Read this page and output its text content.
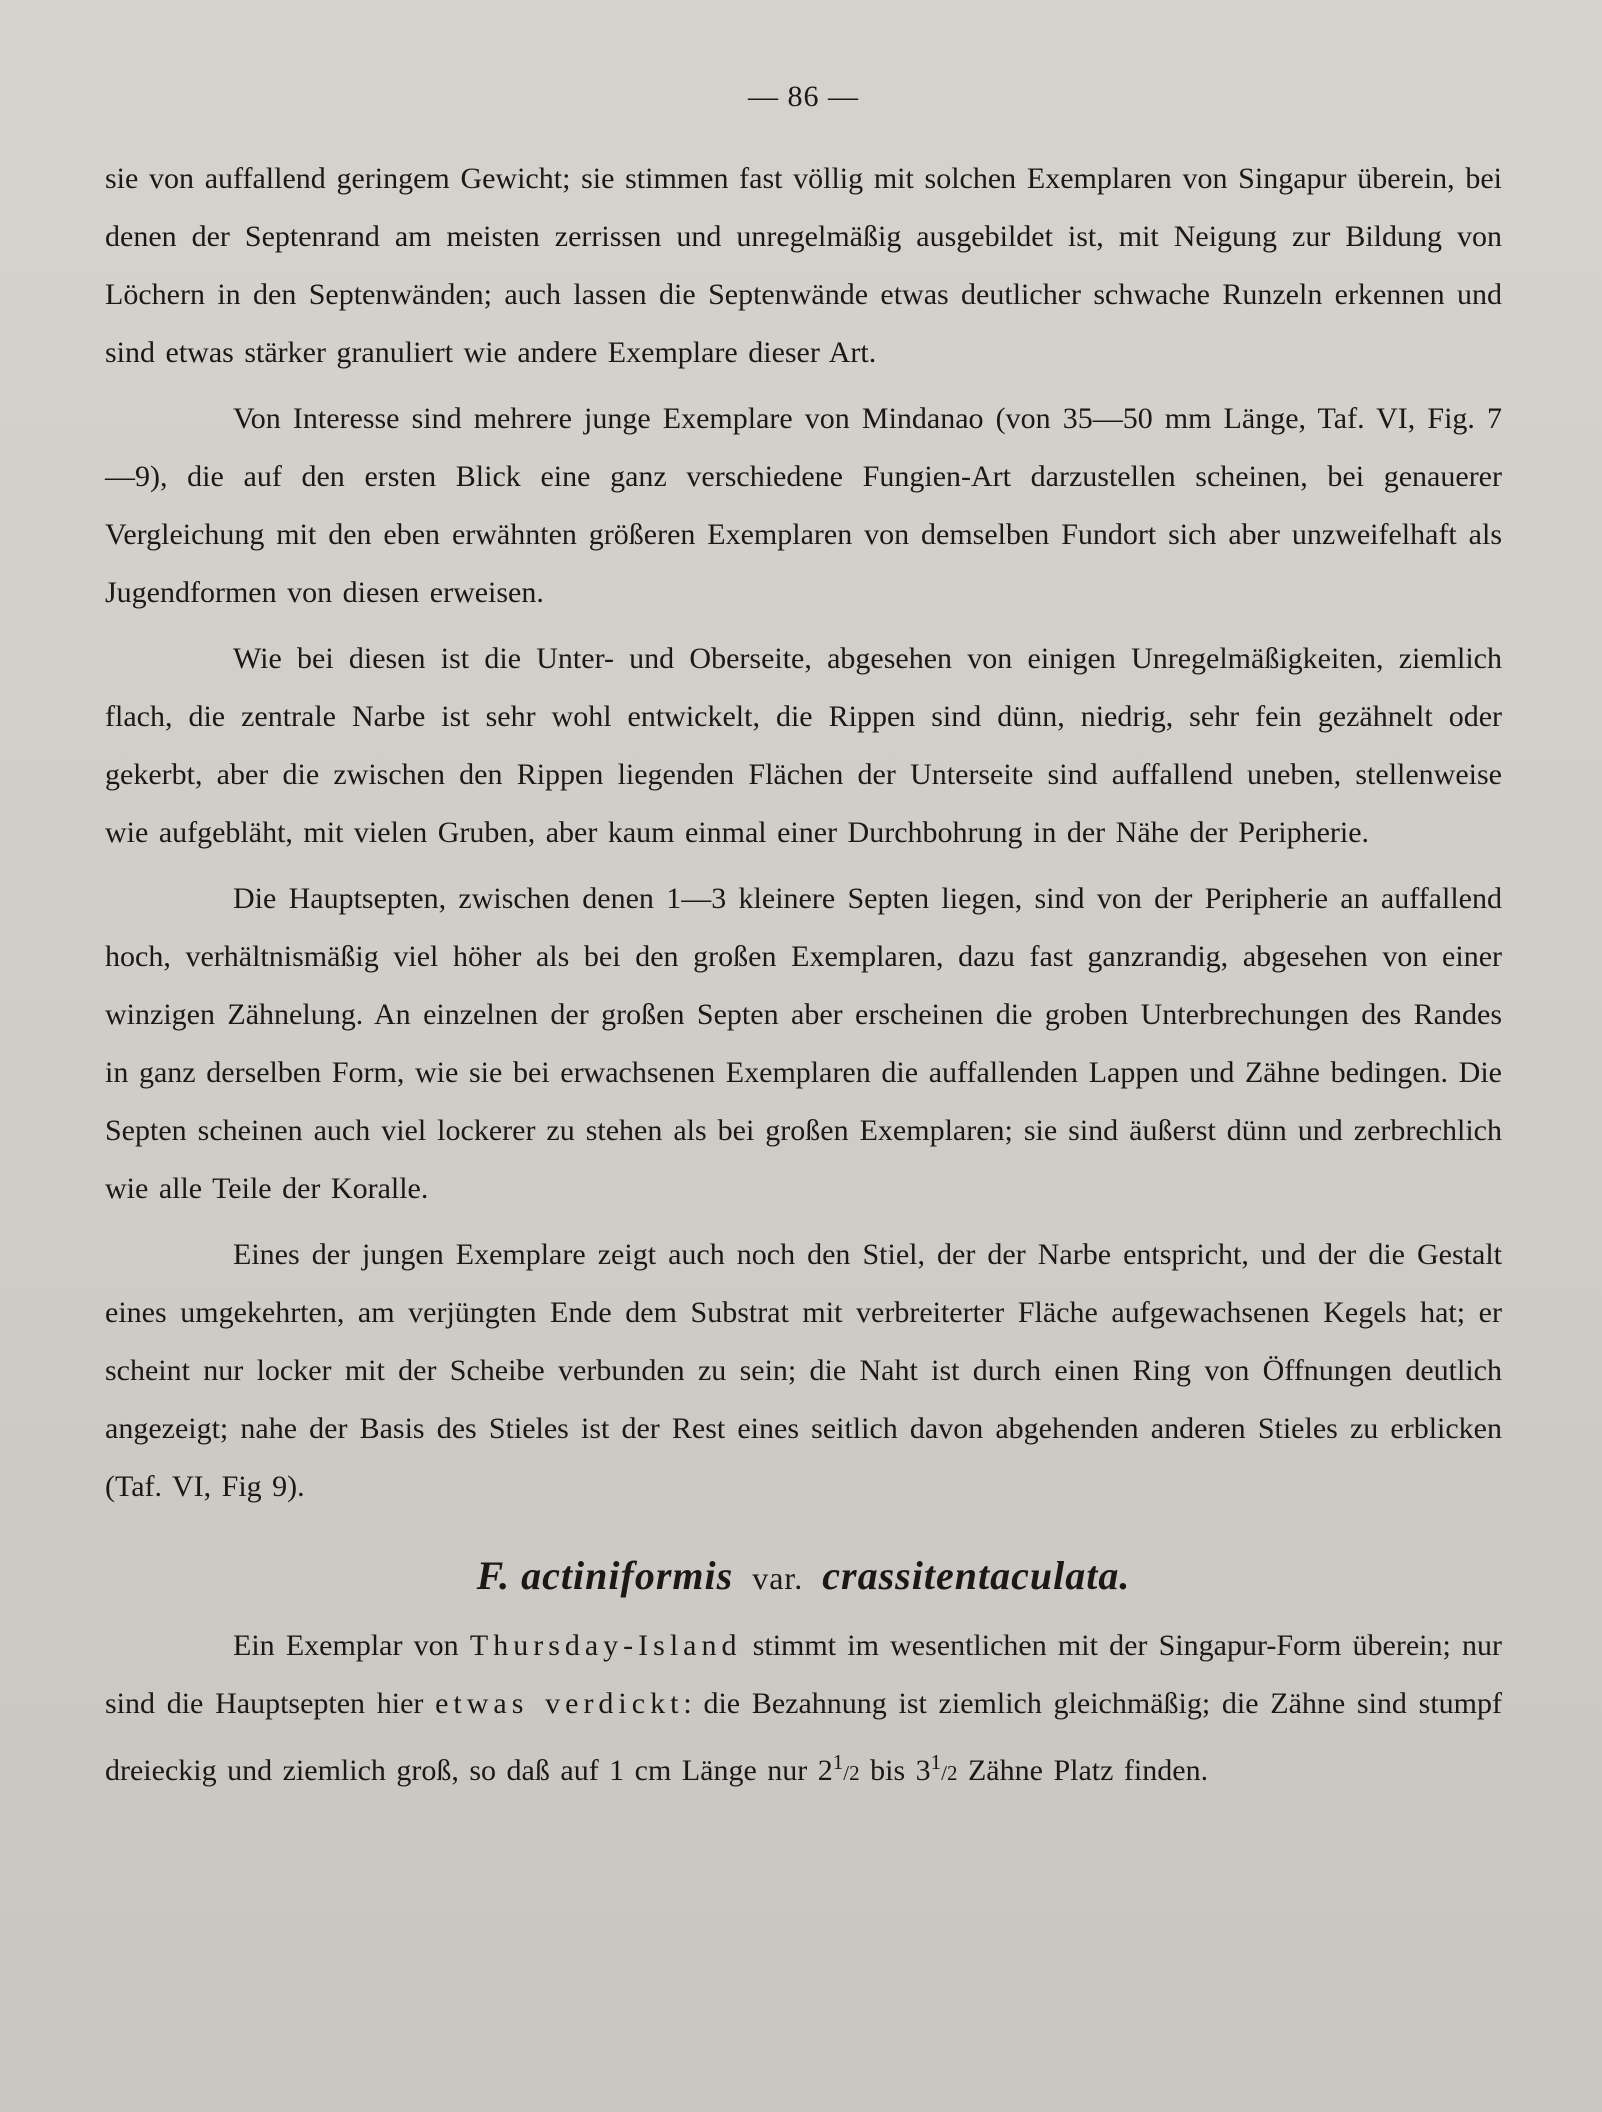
— 86 —

sie von auffallend geringem Gewicht; sie stimmen fast völlig mit solchen Exemplaren von Singapur überein, bei denen der Septenrand am meisten zerrissen und unregelmäßig ausgebildet ist, mit Neigung zur Bildung von Löchern in den Septenwänden; auch lassen die Septenwände etwas deutlicher schwache Runzeln erkennen und sind etwas stärker granuliert wie andere Exemplare dieser Art.

Von Interesse sind mehrere junge Exemplare von Mindanao (von 35—50 mm Länge, Taf. VI, Fig. 7—9), die auf den ersten Blick eine ganz verschiedene Fungien-Art darzustellen scheinen, bei genauerer Vergleichung mit den eben erwähnten größeren Exemplaren von demselben Fundort sich aber unzweifelhaft als Jugendformen von diesen erweisen.

Wie bei diesen ist die Unter- und Oberseite, abgesehen von einigen Unregelmäßigkeiten, ziemlich flach, die zentrale Narbe ist sehr wohl entwickelt, die Rippen sind dünn, niedrig, sehr fein gezähnelt oder gekerbt, aber die zwischen den Rippen liegenden Flächen der Unterseite sind auffallend uneben, stellenweise wie aufgebläht, mit vielen Gruben, aber kaum einmal einer Durchbohrung in der Nähe der Peripherie.

Die Hauptsepten, zwischen denen 1—3 kleinere Septen liegen, sind von der Peripherie an auffallend hoch, verhältnismäßig viel höher als bei den großen Exemplaren, dazu fast ganzrandig, abgesehen von einer winzigen Zähnelung. An einzelnen der großen Septen aber erscheinen die groben Unterbrechungen des Randes in ganz derselben Form, wie sie bei erwachsenen Exemplaren die auffallenden Lappen und Zähne bedingen. Die Septen scheinen auch viel lockerer zu stehen als bei großen Exemplaren; sie sind äußerst dünn und zerbrechlich wie alle Teile der Koralle.

Eines der jungen Exemplare zeigt auch noch den Stiel, der der Narbe entspricht, und der die Gestalt eines umgekehrten, am verjüngten Ende dem Substrat mit verbreiterter Fläche aufgewachsenen Kegels hat; er scheint nur locker mit der Scheibe verbunden zu sein; die Naht ist durch einen Ring von Öffnungen deutlich angezeigt; nahe der Basis des Stieles ist der Rest eines seitlich davon abgehenden anderen Stieles zu erblicken (Taf. VI, Fig 9).

F. actiniformis var. crassitentaculata.

Ein Exemplar von Thursday-Island stimmt im wesentlichen mit der Singapur-Form überein; nur sind die Hauptsepten hier etwas verdickt: die Bezahnung ist ziemlich gleichmäßig; die Zähne sind stumpf dreieckig und ziemlich groß, so daß auf 1 cm Länge nur $2^1/2$ bis $3^1/2$ Zähne Platz finden.
